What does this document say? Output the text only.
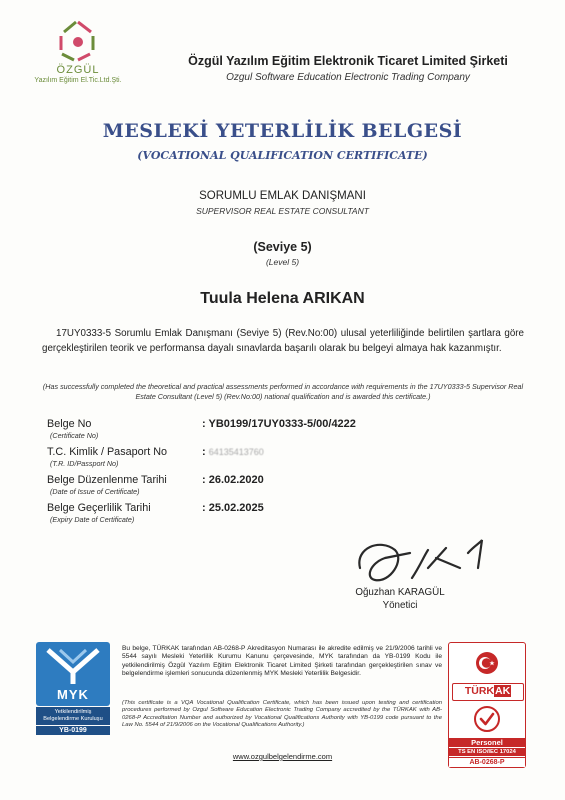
ÖZGÜL
Yazılım Eğitim El.Tic.Ltd.Şti.
Özgül Yazılım Eğitim Elektronik Ticaret Limited Şirketi
Ozgul Software Education Electronic Trading Company
MESLEKİ YETERLİLİK BELGESİ
(VOCATIONAL QUALIFICATION CERTIFICATE)
SORUMLU EMLAK DANIŞMANI
SUPERVISOR REAL ESTATE CONSULTANT
(Seviye 5)
(Level 5)
Tuula Helena ARIKAN
17UY0333-5 Sorumlu Emlak Danışmanı (Seviye 5) (Rev.No:00) ulusal yeterliliğinde belirtilen şartlara göre gerçekleştirilen teorik ve performansa dayalı sınavlarda başarılı olarak bu belgeyi almaya hak kazanmıştır.
(Has successfully completed the theoretical and practical assessments performed in accordance with requirements in the 17UY0333-5 Supervisor Real Estate Consultant (Level 5) (Rev.No:00) national qualification and is awarded this certificate.)
Belge No
(Certificate No)
: YB0199/17UY0333-5/00/4222
T.C. Kimlik / Pasaport No
(T.R. ID/Passport No)
: 64135413760
Belge Düzenlenme Tarihi
(Date of Issue of Certificate)
: 26.02.2020
Belge Geçerlilik Tarihi
(Expiry Date of Certificate)
: 25.02.2025
Oğuzhan KARAGÜL
Yönetici
MYK
Yetkilendirilmiş
Belgelendirme Kuruluşu
YB-0199
Bu belge, TÜRKAK tarafından AB-0268-P Akreditasyon Numarası ile akredite edilmiş ve 21/9/2006 tarihli ve 5544 sayılı Mesleki Yeterlilik Kurumu Kanunu çerçevesinde, MYK tarafından da YB-0199 Kodu ile yetkilendirilmiş Özgül Yazılım Eğitim Elektronik Ticaret Limited Şirketi tarafından gerçekleştirilen sınav ve belgelendirme işlemleri sonucunda düzenlenmiş MYK Mesleki Yeterlilik Belgesidir.
(This certificate is a VQA Vocational Qualification Certificate, which has been issued upon testing and certification procedures performed by Ozgul Software Education Electronic Trading Company accredited by the TÜRKAK with AB-0268-P Accreditation Number and authorized by Vocational Qualifications Authority with YB-0199 code pursuant to the Law No. 5544 of 21/9/2006 on the Vocational Qualifications Authority.)
www.ozgulbelgelendirme.com
TÜRKAK
Personel
TS EN ISO/IEC 17024
AB-0268-P
